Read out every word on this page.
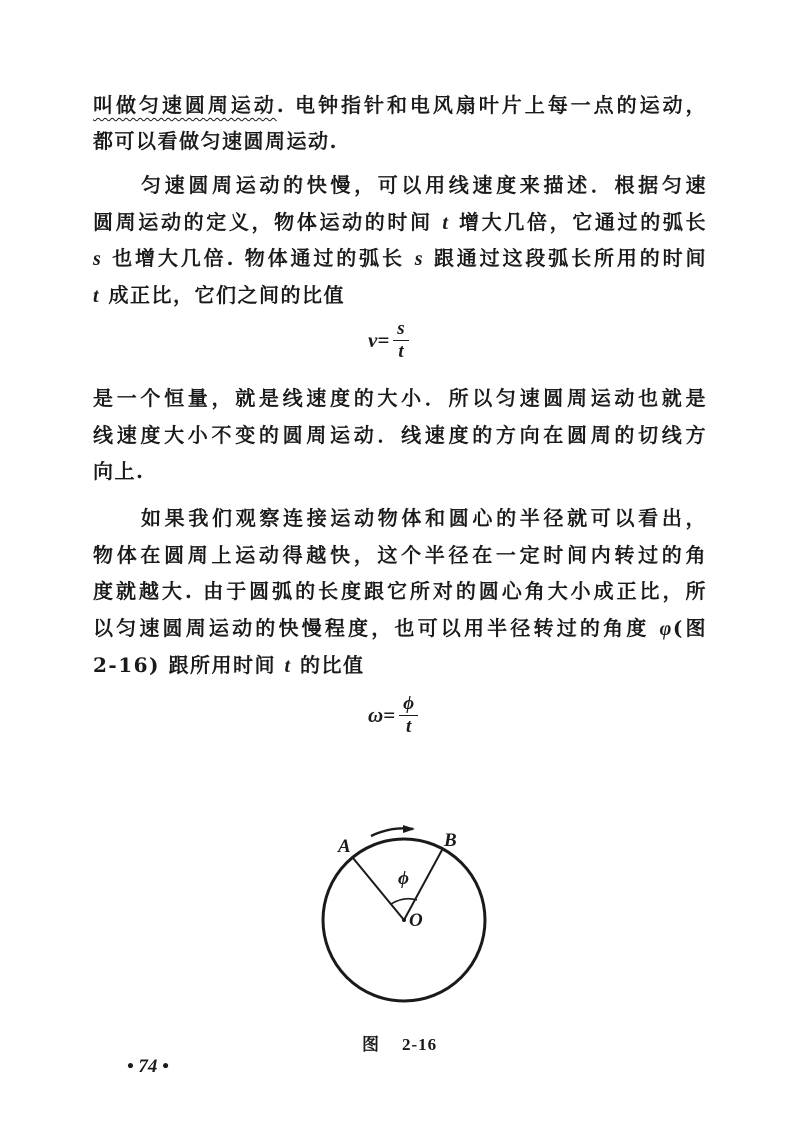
叫做匀速圆周运动. 电钟指针和电风扇叶片上每一点的运动，
都可以看做匀速圆周运动.
匀速圆周运动的快慢，可以用线速度来描述．根据匀速
圆周运动的定义，物体运动的时间 t 增大几倍，它通过的弧长
s 也增大几倍. 物体通过的弧长 s 跟通过这段弧长所用的时间
t 成正比，它们之间的比值
$v= \frac{s}{t}$
是一个恒量，就是线速度的大小．所以匀速圆周运动也就是
线速度大小不变的圆周运动．线速度的方向在圆周的切线方
向上.
如果我们观察连接运动物体和圆心的半径就可以看出，
物体在圆周上运动得越快，这个半径在一定时间内转过的角
度就越大. 由于圆弧的长度跟它所对的圆心角大小成正比，所
以匀速圆周运动的快慢程度，也可以用半径转过的角度 φ(图
2-16) 跟所用时间 t 的比值
$\omega= \frac{\phi}{t}$
A	B
ϕ
O
图 2-16
• 74 •
